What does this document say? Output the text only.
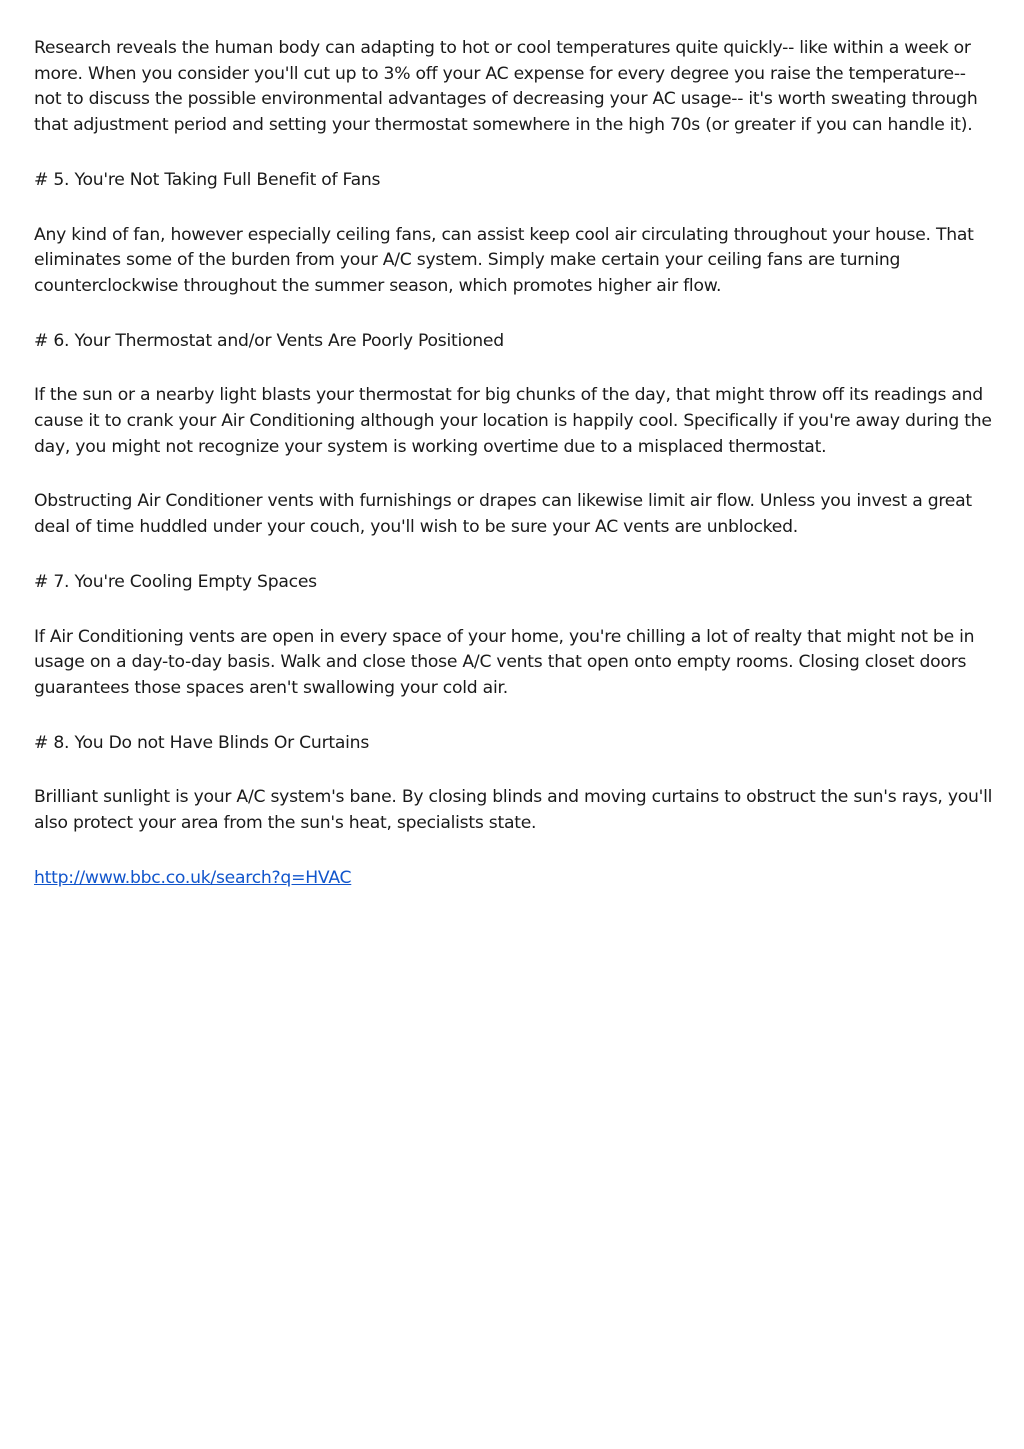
Research reveals the human body can adapting to hot or cool temperatures quite quickly-- like within a week or more. When you consider you'll cut up to 3% off your AC expense for every degree you raise the temperature-- not to discuss the possible environmental advantages of decreasing your AC usage-- it's worth sweating through that adjustment period and setting your thermostat somewhere in the high 70s (or greater if you can handle it).

# 5. You're Not Taking Full Benefit of Fans

Any kind of fan, however especially ceiling fans, can assist keep cool air circulating throughout your house. That eliminates some of the burden from your A/C system. Simply make certain your ceiling fans are turning counterclockwise throughout the summer season, which promotes higher air flow.

# 6. Your Thermostat and/or Vents Are Poorly Positioned

If the sun or a nearby light blasts your thermostat for big chunks of the day, that might throw off its readings and cause it to crank your Air Conditioning although your location is happily cool. Specifically if you're away during the day, you might not recognize your system is working overtime due to a misplaced thermostat.

Obstructing Air Conditioner vents with furnishings or drapes can likewise limit air flow. Unless you invest a great deal of time huddled under your couch, you'll wish to be sure your AC vents are unblocked.

# 7. You're Cooling Empty Spaces

If Air Conditioning vents are open in every space of your home, you're chilling a lot of realty that might not be in usage on a day-to-day basis. Walk and close those A/C vents that open onto empty rooms. Closing closet doors guarantees those spaces aren't swallowing your cold air.

# 8. You Do not Have Blinds Or Curtains

Brilliant sunlight is your A/C system's bane. By closing blinds and moving curtains to obstruct the sun's rays, you'll also protect your area from the sun's heat, specialists state.

http://www.bbc.co.uk/search?q=HVAC
